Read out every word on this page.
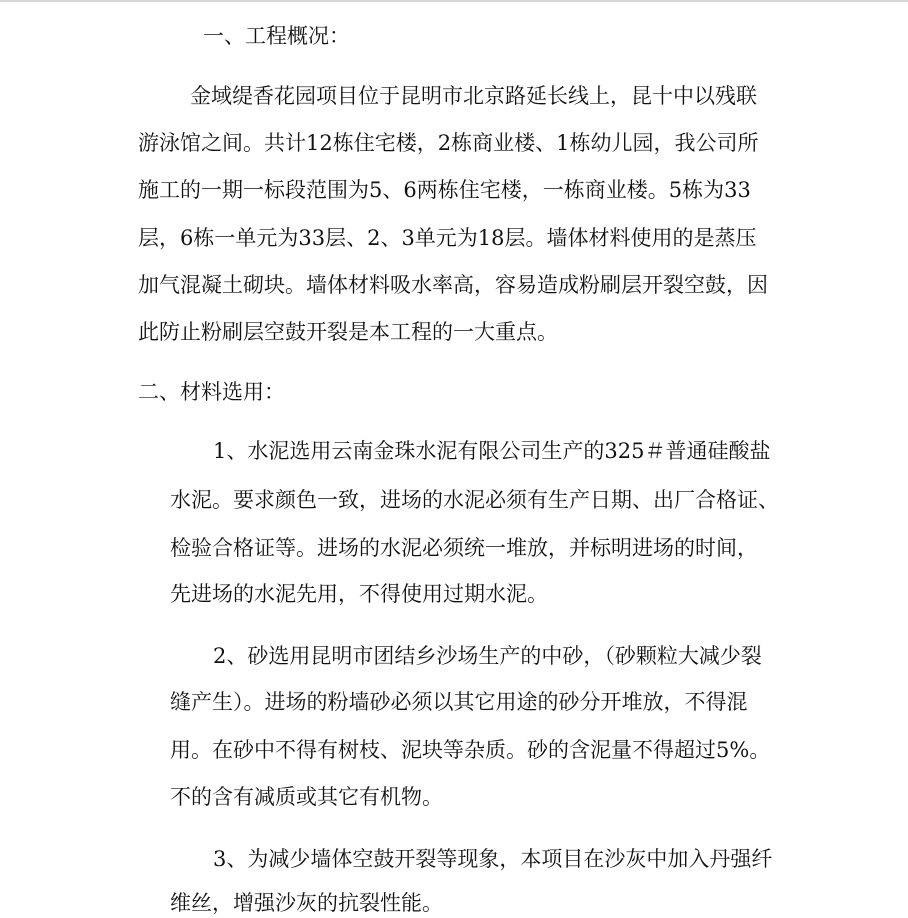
一、工程概况：
金域缇香花园项目位于昆明市北京路延长线上，昆十中以残联
游泳馆之间。共计12栋住宅楼，2栋商业楼、1栋幼儿园，我公司所
施工的一期一标段范围为5、6两栋住宅楼，一栋商业楼。5栋为33
层，6栋一单元为33层、2、3单元为18层。墙体材料使用的是蒸压
加气混凝土砌块。墙体材料吸水率高，容易造成粉刷层开裂空鼓，因
此防止粉刷层空鼓开裂是本工程的一大重点。
二、材料选用：
1、水泥选用云南金珠水泥有限公司生产的325＃普通硅酸盐
水泥。要求颜色一致，进场的水泥必须有生产日期、出厂合格证、
检验合格证等。进场的水泥必须统一堆放，并标明进场的时间，
先进场的水泥先用，不得使用过期水泥。
2、砂选用昆明市团结乡沙场生产的中砂，（砂颗粒大减少裂
缝产生）。进场的粉墙砂必须以其它用途的砂分开堆放，不得混
用。在砂中不得有树枝、泥块等杂质。砂的含泥量不得超过5%。
不的含有减质或其它有机物。
3、为减少墙体空鼓开裂等现象，本项目在沙灰中加入丹强纤
维丝，增强沙灰的抗裂性能。
